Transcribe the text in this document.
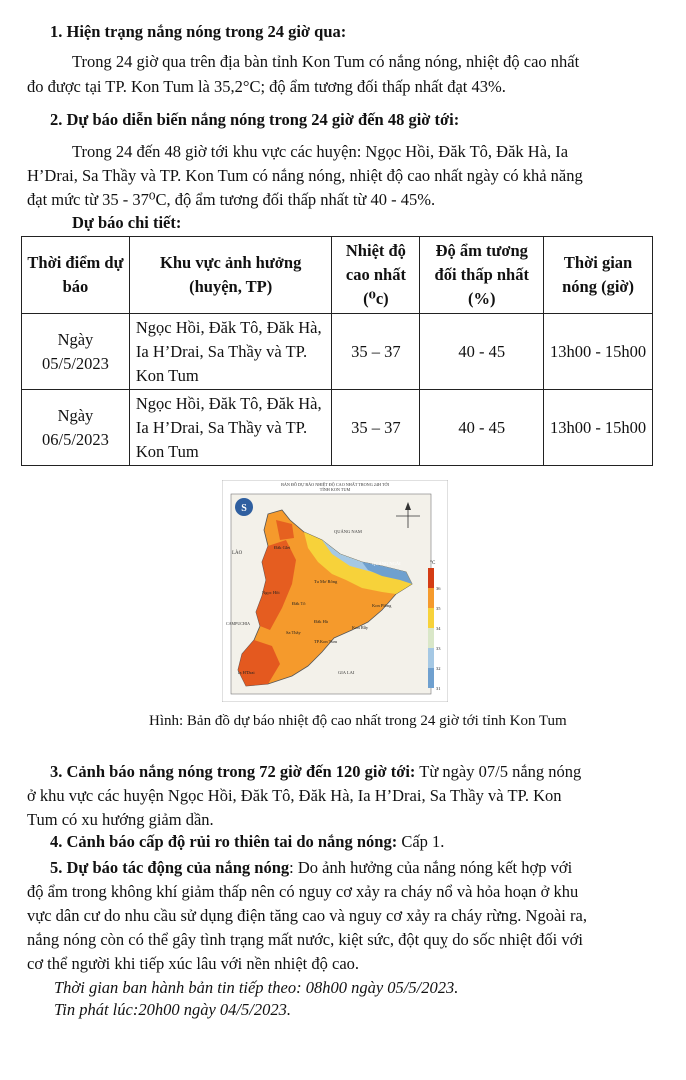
1. Hiện trạng nắng nóng trong 24 giờ qua:
Trong 24 giờ qua trên địa bàn tỉnh Kon Tum có nắng nóng, nhiệt độ cao nhất
đo được tại TP. Kon Tum là 35,2°C; độ ẩm tương đối thấp nhất đạt 43%.
2. Dự báo diễn biến nắng nóng trong 24 giờ đến 48 giờ tới:
Trong 24 đến 48 giờ tới khu vực các huyện: Ngọc Hồi, Đăk Tô, Đăk Hà, Ia
H’Drai, Sa Thầy và TP. Kon Tum có nắng nóng, nhiệt độ cao nhất ngày có khả năng
đạt mức từ 35 - 37⁰C, độ ẩm tương đối thấp nhất từ 40 - 45%.
Dự báo chi tiết:
Thời điểm dự báo	Khu vực ảnh hưởng (huyện, TP)	Nhiệt độ cao nhất (⁰c)	Độ ẩm tương đối thấp nhất (%)	Thời gian nóng (giờ)

Ngày
05/5/2023	Ngọc Hồi, Đăk Tô, Đăk Hà, Ia H’Drai, Sa Thầy và TP. Kon Tum	35 – 37	40 - 45	13h00 - 15h00

Ngày
06/5/2023	Ngọc Hồi, Đăk Tô, Đăk Hà, Ia H’Drai, Sa Thầy và TP. Kon Tum	35 – 37	40 - 45	13h00 - 15h00
BẢN ĐỒ DỰ BÁO NHIỆT ĐỘ CAO NHẤT TRONG 24H TỚI
TỈNH KON TUM
S
LÀO
CAMPUCHIA
QUẢNG NAM
QUẢNG NGÃI
GIA LAI
Đăk Glei
Tu Mơ Rông
Ngọc Hồi
Đăk Tô	Kon Plông
Đăk Hà
Kon Rẫy
Sa Thầy
TP.Kon Tum
Ia H'Drai
°C
36
35
34
33
32
31
Hình: Bản đồ dự báo nhiệt độ cao nhất trong 24 giờ tới tỉnh Kon Tum
3. Cảnh báo nắng nóng trong 72 giờ đến 120 giờ tới: Từ ngày 07/5 nắng nóng
ở khu vực các huyện Ngọc Hồi, Đăk Tô, Đăk Hà, Ia H’Drai, Sa Thầy và TP. Kon
Tum có xu hướng giảm dần.
4. Cảnh báo cấp độ rủi ro thiên tai do nắng nóng: Cấp 1.
5. Dự báo tác động của nắng nóng: Do ảnh hưởng của nắng nóng kết hợp với
độ ẩm trong không khí giảm thấp nên có nguy cơ xảy ra cháy nổ và hỏa hoạn ở khu
vực dân cư do nhu cầu sử dụng điện tăng cao và nguy cơ xảy ra cháy rừng. Ngoài ra,
nắng nóng còn có thể gây tình trạng mất nước, kiệt sức, đột quỵ do sốc nhiệt đối với
cơ thể người khi tiếp xúc lâu với nền nhiệt độ cao.
Thời gian ban hành bản tin tiếp theo: 08h00 ngày 05/5/2023.
Tin phát lúc:20h00 ngày 04/5/2023.
